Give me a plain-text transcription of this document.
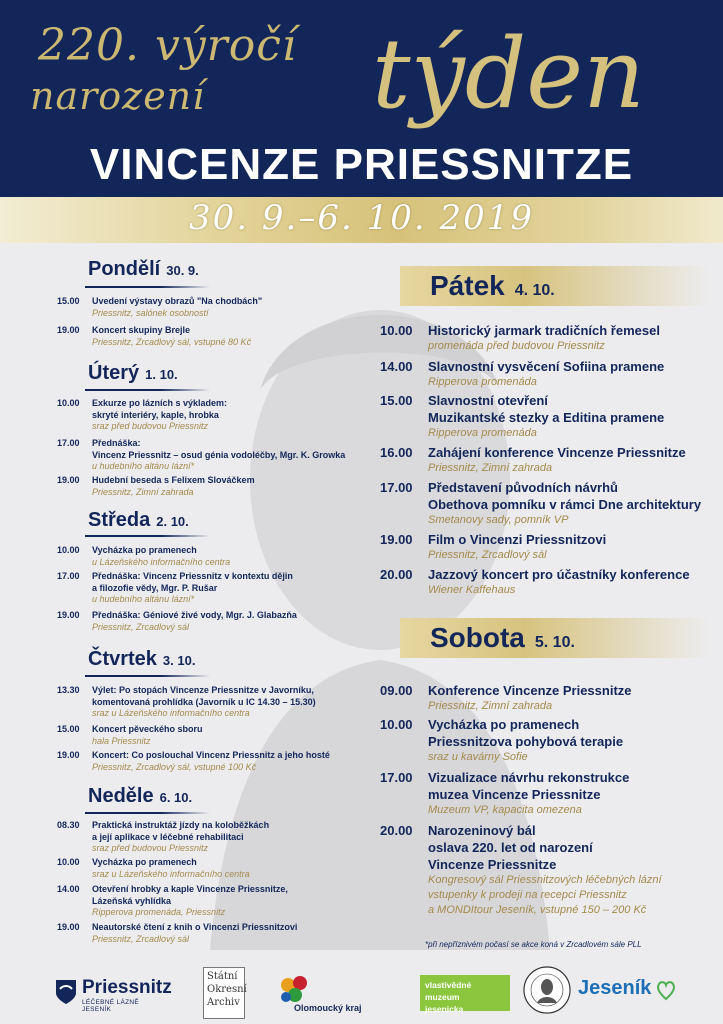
220. výročí
narození týden
VINCENZE PRIESSNITZE
30. 9.–6. 10. 2019
Pondělí 30. 9.
15.00	Uvedení výstavy obrazů "Na chodbách"
Priessnitz, salónek osobností
19.00	Koncert skupiny Brejle
Priessnitz, Zrcadlový sál, vstupné 80 Kč
Úterý 1. 10.
10.00	Exkurze po lázních s výkladem:
skryté interiéry, kaple, hrobka
sraz před budovou Priessnitz
17.00	Přednáška:
Vincenz Priessnitz – osud génia vodoléčby, Mgr. K. Growka
u hudebního altánu lázní*
19.00	Hudební beseda s Felixem Slováčkem
Priessnitz, Zimní zahrada
Středa 2. 10.
10.00	Vycházka po pramenech
u Lázeňského informačního centra
17.00	Přednáška: Vincenz Priessnitz v kontextu dějin
a filozofie vědy, Mgr. P. Rušar
u hudebního altánu lázní*
19.00	Přednáška: Géniové živé vody, Mgr. J. Glabazňa
Priessnitz, Zrcadlový sál
Čtvrtek 3. 10.
13.30	Výlet: Po stopách Vincenze Priessnitze v Javorníku,
komentovaná prohlídka (Javorník u IC 14.30 – 15.30)
sraz u Lázeňského informačního centra
15.00	Koncert pěveckého sboru
hala Priessnitz
19.00	Koncert: Co poslouchal Vincenz Priessnitz a jeho hosté
Priessnitz, Zrcadlový sál, vstupné 100 Kč
Neděle 6. 10.
08.30	Praktická instruktáž jízdy na koloběžkách
a její aplikace v léčebné rehabilitaci
sraz před budovou Priessnitz
10.00	Vycházka po pramenech
sraz u Lázeňského informačního centra
14.00	Otevření hrobky a kaple Vincenze Priessnitze,
Lázeňská vyhlídka
Ripperova promenáda, Priessnitz
19.00	Neautorské čtení z knih o Vincenzi Priessnitzovi
Priessnitz, Zrcadlový sál
Pátek 4. 10.
10.00	Historický jarmark tradičních řemesel
promenáda před budovou Priessnitz
14.00	Slavnostní vysvěcení Sofiina pramene
Ripperova promenáda
15.00	Slavnostní otevření
Muzikantské stezky a Editina pramene
Ripperova promenáda
16.00	Zahájení konference Vincenze Priessnitze
Priessnitz, Zimní zahrada
17.00	Představení původních návrhů
Obethova pomníku v rámci Dne architektury
Smetanovy sady, pomník VP
19.00	Film o Vincenzi Priessnitzovi
Priessnitz, Zrcadlový sál
20.00	Jazzový koncert pro účastníky konference
Wiener Kaffehaus
Sobota 5. 10.
09.00	Konference Vincenze Priessnitze
Priessnitz, Zimní zahrada
10.00	Vycházka po pramenech
Priessnitzova pohybová terapie
sraz u kavárny Sofie
17.00	Vizualizace návrhu rekonstrukce
muzea Vincenze Priessnitze
Muzeum VP, kapacita omezena
20.00	Narozeninový bál
oslava 220. let od narození
Vincenze Priessnitze
Kongresový sál Priessnitzových léčebných lázní
vstupenky k prodeji na recepci Priessnitz
a MONDItour Jeseník, vstupné 150 – 200 Kč
*při nepříznivém počasí se akce koná v Zrcadlovém sále PLL
Priessnitz
LÉČEBNÉ LÁZNĚ JESENÍK
Státní
Okresní
Archiv	Olomoucký kraj
vlastivědné muzeum
jesenicka
Jeseník
